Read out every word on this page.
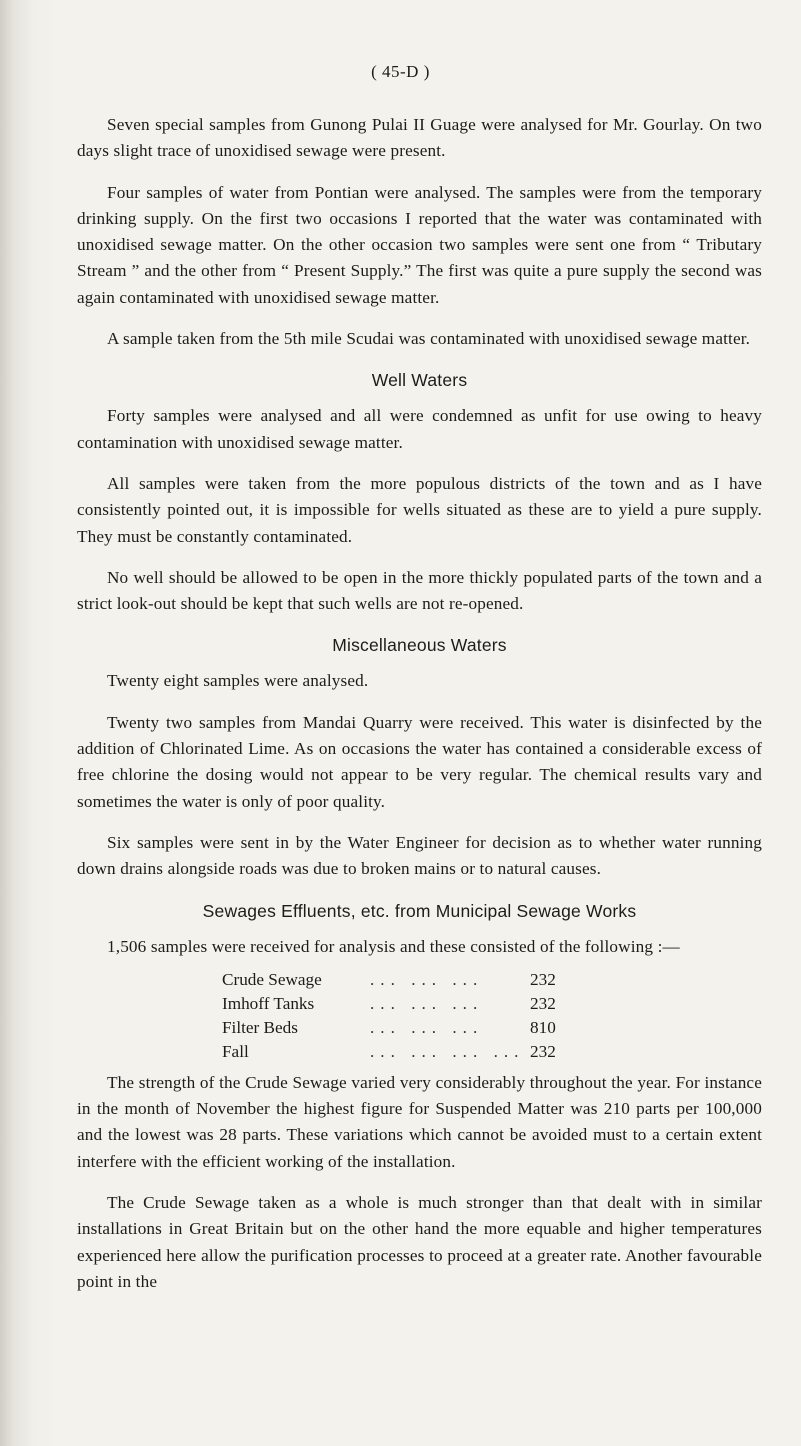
( 45-D )

Seven special samples from Gunong Pulai II Guage were analysed for Mr. Gourlay. On two days slight trace of unoxidised sewage were present.

Four samples of water from Pontian were analysed. The samples were from the temporary drinking supply. On the first two occasions I reported that the water was contaminated with unoxidised sewage matter. On the other occasion two samples were sent one from “ Tributary Stream ” and the other from “ Present Supply.” The first was quite a pure supply the second was again contaminated with unoxidised sewage matter.

A sample taken from the 5th mile Scudai was contaminated with unoxidised sewage matter.

Well Waters

Forty samples were analysed and all were condemned as unfit for use owing to heavy contamination with unoxidised sewage matter.

All samples were taken from the more populous districts of the town and as I have consistently pointed out, it is impossible for wells situated as these are to yield a pure supply. They must be constantly contaminated.

No well should be allowed to be open in the more thickly populated parts of the town and a strict look-out should be kept that such wells are not re-opened.

Miscellaneous Waters

Twenty eight samples were analysed.

Twenty two samples from Mandai Quarry were received. This water is disinfected by the addition of Chlorinated Lime. As on occasions the water has contained a considerable excess of free chlorine the dosing would not appear to be very regular. The chemical results vary and sometimes the water is only of poor quality.

Six samples were sent in by the Water Engineer for decision as to whether water running down drains alongside roads was due to broken mains or to natural causes.

Sewages Effluents, etc. from Municipal Sewage Works

1,506 samples were received for analysis and these consisted of the following :—

Crude Sewage	... ... ...	232
Imhoff Tanks	... ... ...	232
Filter Beds	... ... ...	810
Fall	... ... ... ... 232

The strength of the Crude Sewage varied very considerably throughout the year. For instance in the month of November the highest figure for Suspended Matter was 210 parts per 100,000 and the lowest was 28 parts. These variations which cannot be avoided must to a certain extent interfere with the efficient working of the installation.

The Crude Sewage taken as a whole is much stronger than that dealt with in similar installations in Great Britain but on the other hand the more equable and higher temperatures experienced here allow the purification processes to proceed at a greater rate. Another favourable point in the
